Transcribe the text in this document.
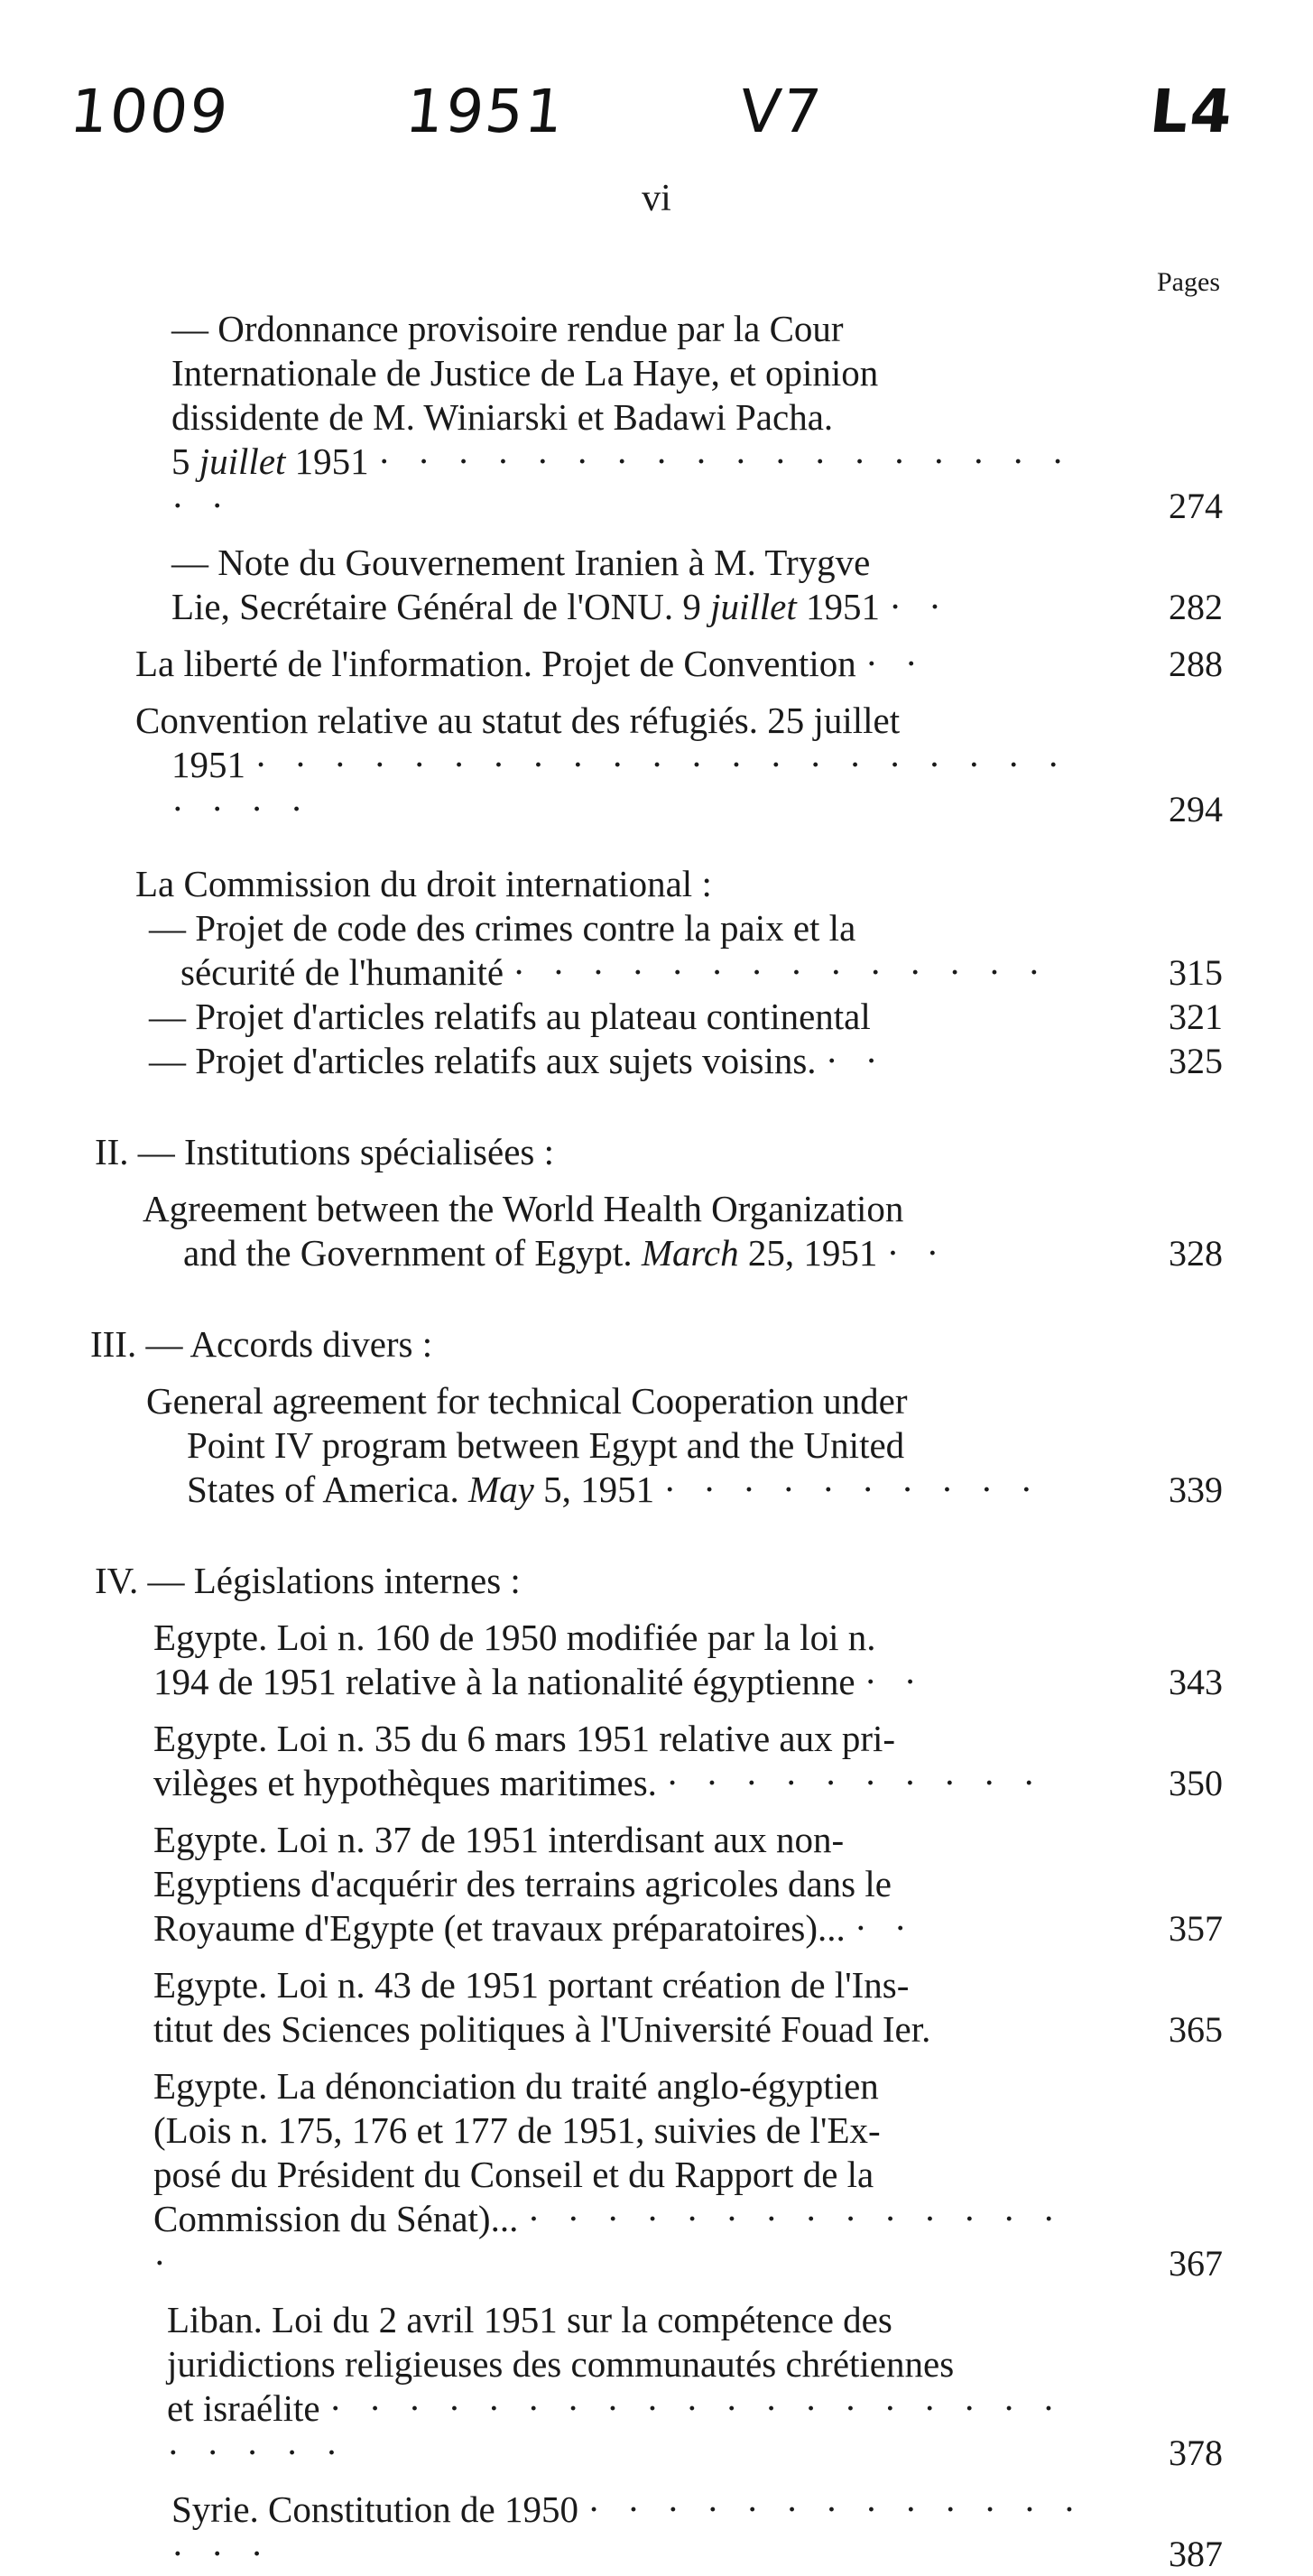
1009	1951	V7	L4
vi
Pages
— Ordonnance provisoire rendue par la Cour
Internationale de Justice de La Haye, et opinion
dissidente de M. Winiarski et Badawi Pacha.
5 juillet 1951 · · · · · · · · · · · · · · · · · · · ·	274
— Note du Gouvernement Iranien à M. Trygve
Lie, Secrétaire Général de l'ONU. 9 juillet 1951 · ·	282
La liberté de l'information. Projet de Convention · ·	288
Convention relative au statut des réfugiés. 25 juillet
1951 · · · · · · · · · · · · · · · · · · · · · · · · ·	294
La Commission du droit international :
— Projet de code des crimes contre la paix et la
sécurité de l'humanité · · · · · · · · · · · · · ·	315
— Projet d'articles relatifs au plateau continental	321
— Projet d'articles relatifs aux sujets voisins. · ·	325
II. — Institutions spécialisées :
Agreement between the World Health Organization
and the Government of Egypt. March 25, 1951 · ·	328
III. — Accords divers :
General agreement for technical Cooperation under
Point IV program between Egypt and the United
States of America. May 5, 1951 · · · · · · · · · ·	339
IV. — Législations internes :
Egypte. Loi n. 160 de 1950 modifiée par la loi n.
194 de 1951 relative à la nationalité égyptienne · ·	343
Egypte. Loi n. 35 du 6 mars 1951 relative aux pri-
vilèges et hypothèques maritimes. · · · · · · · · · ·	350
Egypte. Loi n. 37 de 1951 interdisant aux non-
Egyptiens d'acquérir des terrains agricoles dans le
Royaume d'Egypte (et travaux préparatoires)... · ·	357
Egypte. Loi n. 43 de 1951 portant création de l'Ins-
titut des Sciences politiques à l'Université Fouad Ier.	365
Egypte. La dénonciation du traité anglo-égyptien
(Lois n. 175, 176 et 177 de 1951, suivies de l'Ex-
posé du Président du Conseil et du Rapport de la
Commission du Sénat)... · · · · · · · · · · · · · · ·	367
Liban. Loi du 2 avril 1951 sur la compétence des
juridictions religieuses des communautés chrétiennes
et israélite · · · · · · · · · · · · · · · · · · · · · · · ·	378
Syrie. Constitution de 1950 · · · · · · · · · · · · · · · ·	387
